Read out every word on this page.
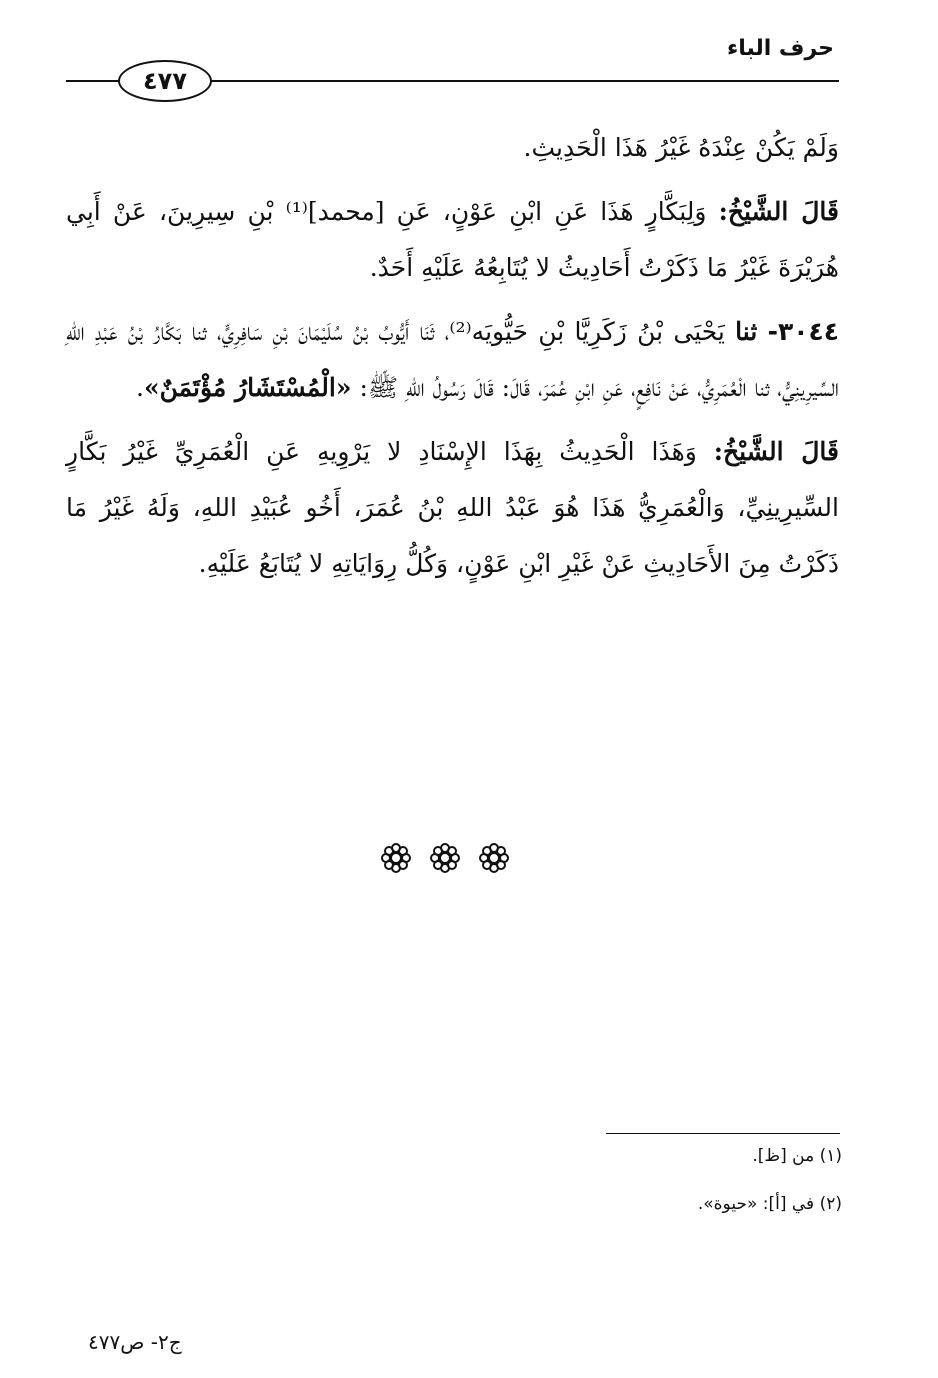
حرف الباء
٤٧٧

وَلَمْ يَكُنْ عِنْدَهُ غَيْرُ هَذَا الْحَدِيثِ.

قَالَ الشَّيْخُ: وَلِبَكَّارٍ هَذَا عَنِ ابْنِ عَوْنٍ، عَنِ [محمد]⁽¹⁾ بْنِ سِيرِينَ، عَنْ أَبِي هُرَيْرَةَ غَيْرُ مَا ذَكَرْتُ أَحَادِيثُ لا يُتَابِعُهُ عَلَيْهِ أَحَدٌ.

٣٠٤٤- ثنا يَحْيَى بْنُ زَكَرِيَّا بْنِ حَيُّويَه⁽²⁾، ثَنَا أَيُّوبُ بْنُ سُلَيْمَانَ بْنِ سَافِرِيٍّ، ثنا بَكَّارُ بْنُ عَبْدِ اللهِ السِّيرِينِيُّ، ثنا الْعُمَرِيُّ، عَنْ نَافِعٍ، عَنِ ابْنِ عُمَرَ، قَالَ: قَالَ رَسُولُ اللهِ ﷺ: «الْمُسْتَشَارُ مُؤْتَمَنٌ».

قَالَ الشَّيْخُ: وَهَذَا الْحَدِيثُ بِهَذَا الإِسْنَادِ لا يَرْوِيهِ عَنِ الْعُمَرِيِّ غَيْرُ بَكَّارٍ السِّيرِينِيِّ، وَالْعُمَرِيُّ هَذَا هُوَ عَبْدُ اللهِ بْنُ عُمَرَ، أَخُو عُبَيْدِ اللهِ، وَلَهُ غَيْرُ مَا ذَكَرْتُ مِنَ الأَحَادِيثِ عَنْ غَيْرِ ابْنِ عَوْنٍ، وَكُلُّ رِوَايَاتِهِ لا يُتَابَعُ عَلَيْهِ.

(١) من [ظ].
(٢) في [أ]: «حيوة».
ج٢- ص٤٧٧
